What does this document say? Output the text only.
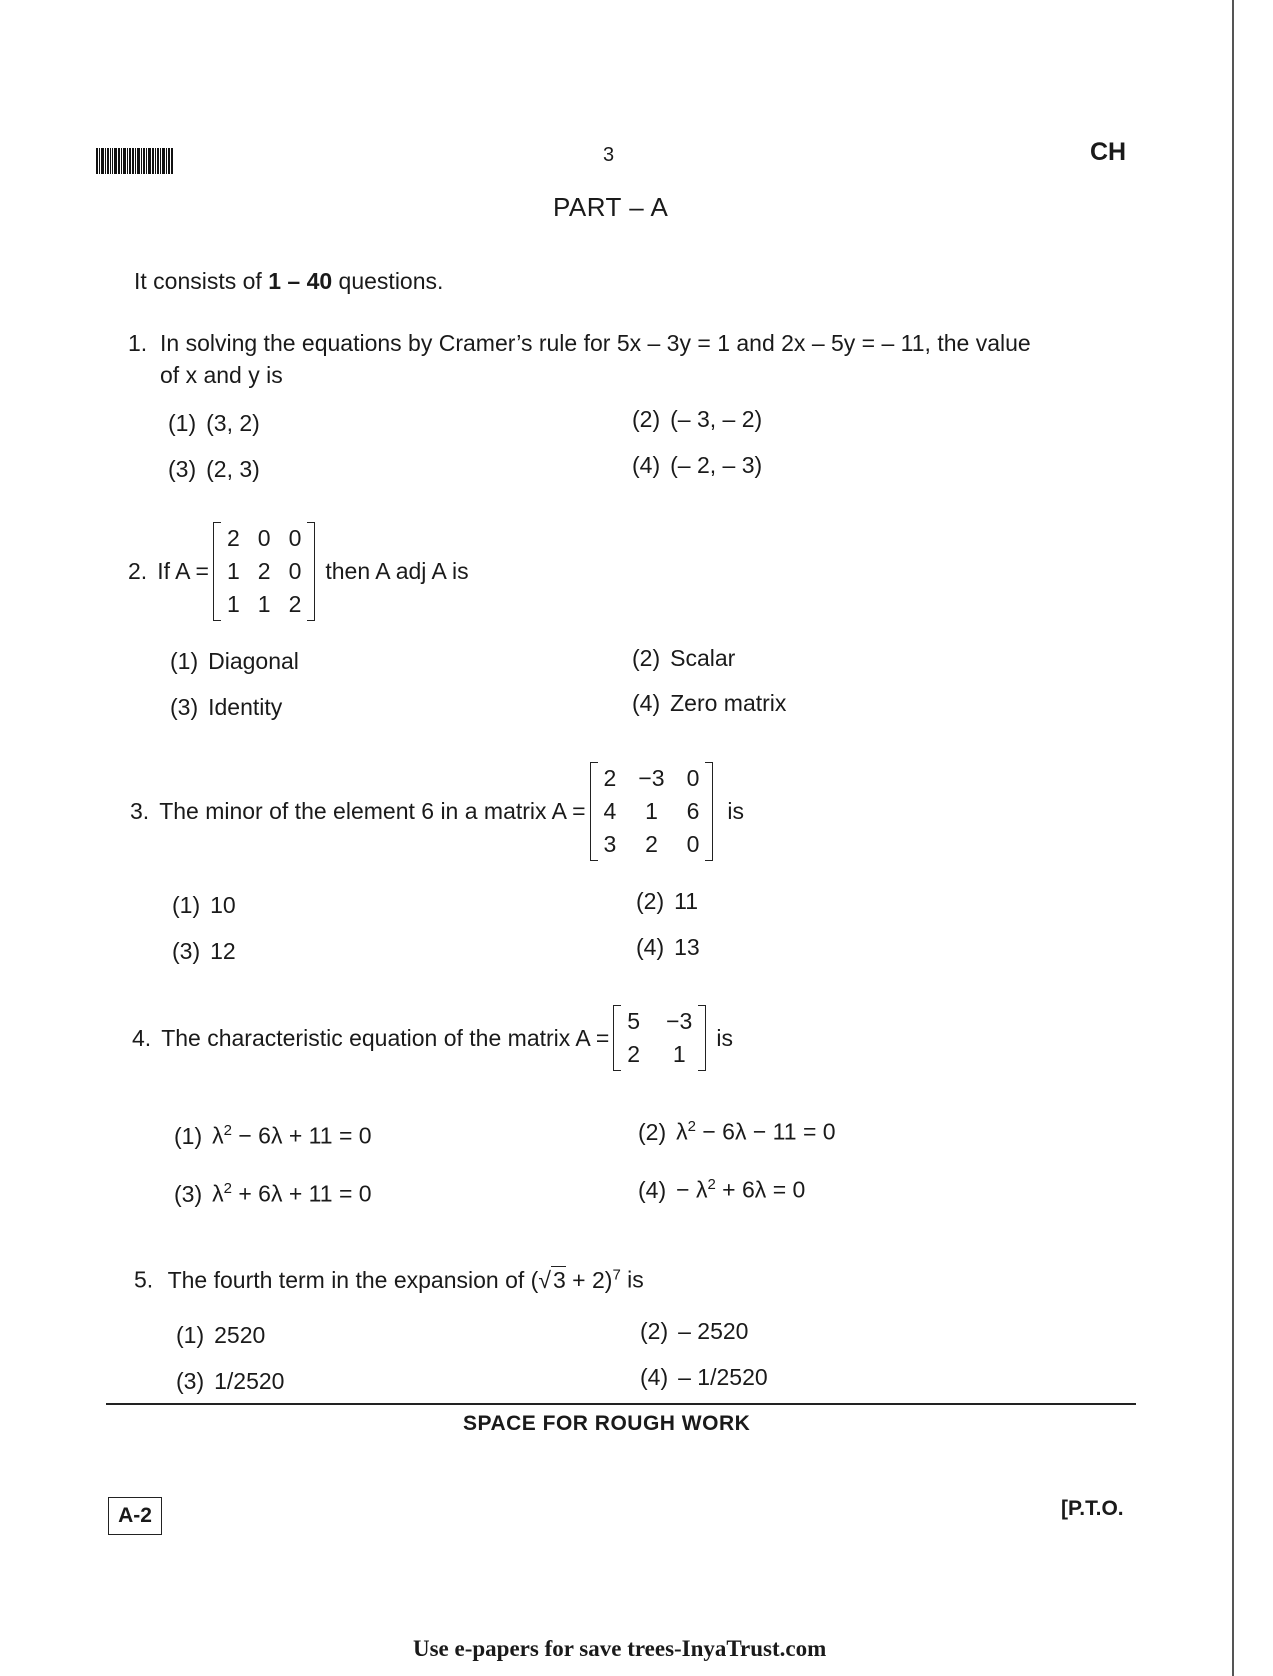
3	CH
PART – A
It consists of 1 – 40 questions.
1. In solving the equations by Cramer’s rule for 5x – 3y = 1 and 2x – 5y = – 11, the value
of x and y is
(1) (3, 2)	(2) (– 3, – 2)
(3) (2, 3)	(4) (– 2, – 3)
2. If A =
2 0 0
1 2 0
1 1 2
then A adj A is
(1) Diagonal	(2) Scalar
(3) Identity	(4) Zero matrix
3. The minor of the element 6 in a matrix A =
2 −3 0
4 1 6
3 2 0
is
(1) 10	(2) 11
(3) 12	(4) 13
4. The characteristic equation of the matrix A =
5 −3
2 1
is
(1) $\lambda^2 - 6\lambda + 11 = 0$	(2) $\lambda^2 - 6\lambda - 11 = 0$
(3) $\lambda^2 + 6\lambda + 11 = 0$	$(4) - \lambda^2 + 6\lambda = 0$
5. The fourth term in the expansion of $(√3 + 2)^7$ is
(1) 2520	(2) – 2520
(3) 1/2520	(4) – 1/2520
SPACE FOR ROUGH WORK
A-2	[P.T.O.
Use e-papers for save trees-InyaTrust.com
